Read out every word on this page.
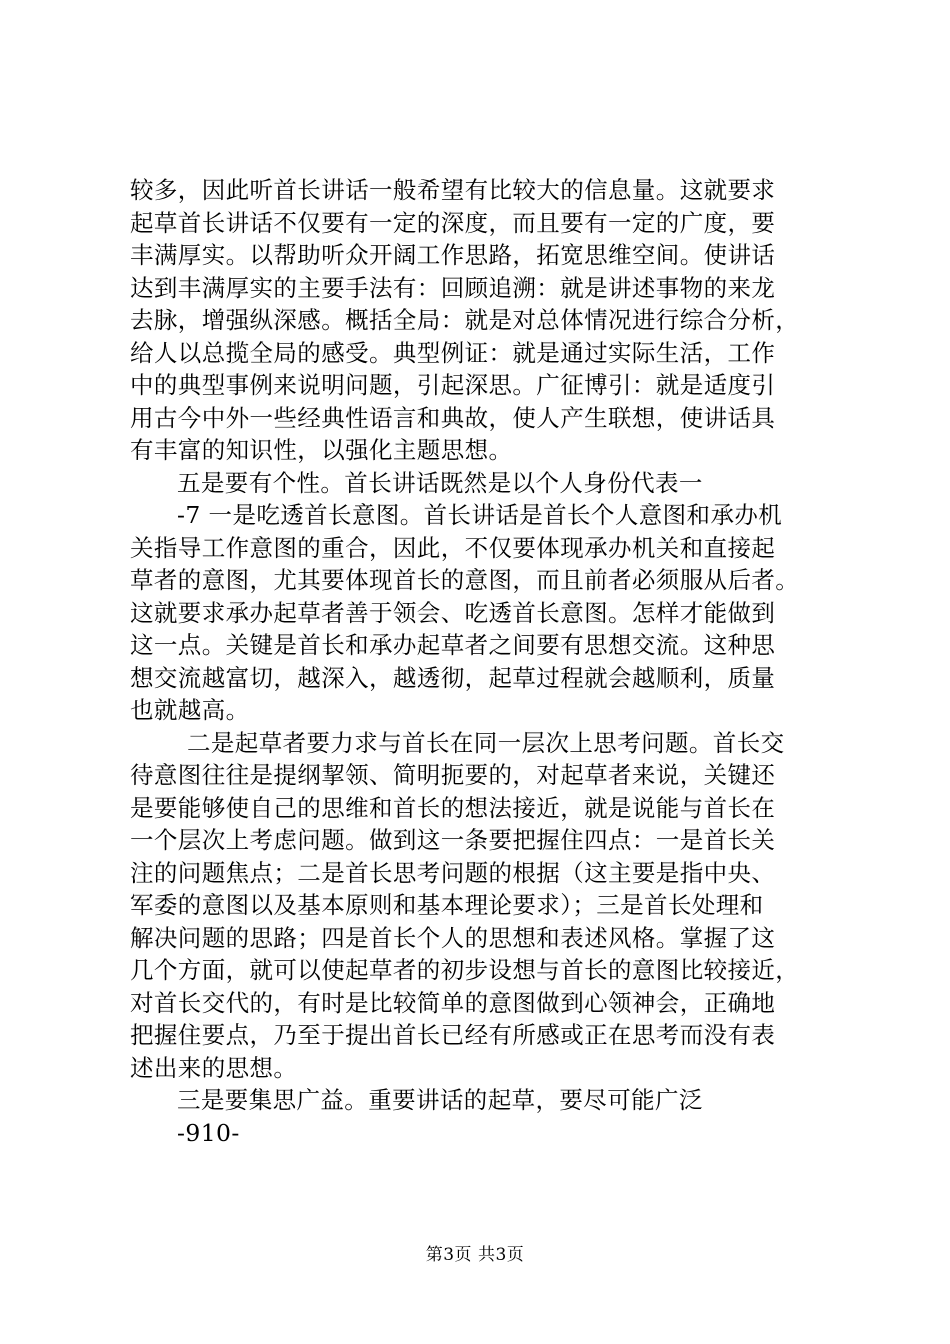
较多，因此听首长讲话一般希望有比较大的信息量。这就要求
起草首长讲话不仅要有一定的深度，而且要有一定的广度，要
丰满厚实。以帮助听众开阔工作思路，拓宽思维空间。使讲话
达到丰满厚实的主要手法有：回顾追溯：就是讲述事物的来龙
去脉，增强纵深感。概括全局：就是对总体情况进行综合分析，
给人以总揽全局的感受。典型例证：就是通过实际生活，工作
中的典型事例来说明问题，引起深思。广征博引：就是适度引
用古今中外一些经典性语言和典故，使人产生联想，使讲话具
有丰富的知识性，以强化主题思想。
五是要有个性。首长讲话既然是以个人身份代表一
-7 一是吃透首长意图。首长讲话是首长个人意图和承办机
关指导工作意图的重合，因此，不仅要体现承办机关和直接起
草者的意图，尤其要体现首长的意图，而且前者必须服从后者。
这就要求承办起草者善于领会、吃透首长意图。怎样才能做到
这一点。关键是首长和承办起草者之间要有思想交流。这种思
想交流越富切，越深入，越透彻，起草过程就会越顺利，质量
也就越高。
二是起草者要力求与首长在同一层次上思考问题。首长交
待意图往往是提纲挈领、简明扼要的，对起草者来说，关键还
是要能够使自己的思维和首长的想法接近，就是说能与首长在
一个层次上考虑问题。做到这一条要把握住四点：一是首长关
注的问题焦点；二是首长思考问题的根据（这主要是指中央、
军委的意图以及基本原则和基本理论要求）；三是首长处理和
解决问题的思路；四是首长个人的思想和表述风格。掌握了这
几个方面，就可以使起草者的初步设想与首长的意图比较接近，
对首长交代的，有时是比较简单的意图做到心领神会，正确地
把握住要点，乃至于提出首长已经有所感或正在思考而没有表
述出来的思想。
三是要集思广益。重要讲话的起草，要尽可能广泛
-910-
第3页 共3页
